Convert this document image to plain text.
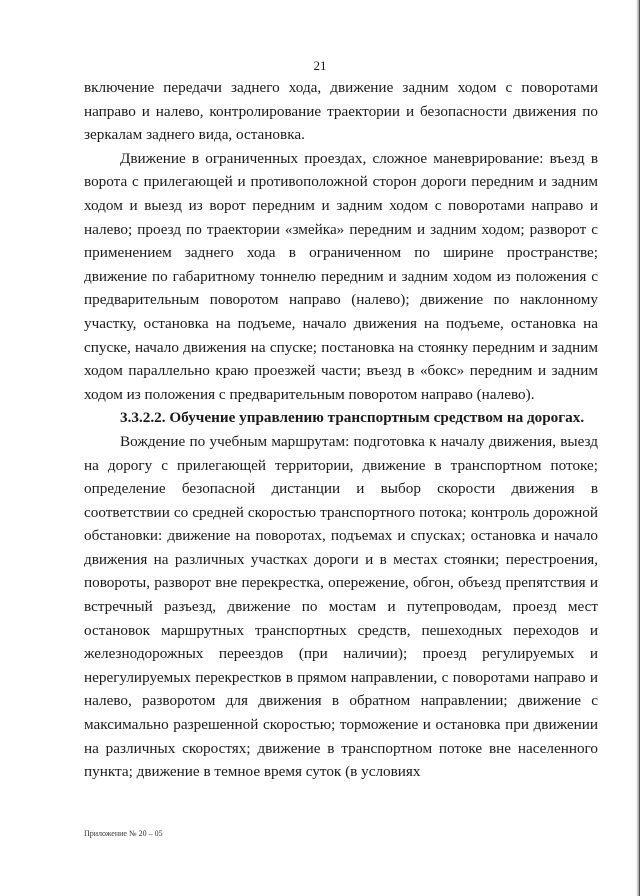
21

включение передачи заднего хода, движение задним ходом с поворотами направо и налево, контролирование траектории и безопасности движения по зеркалам заднего вида, остановка.

Движение в ограниченных проездах, сложное маневрирование: въезд в ворота с прилегающей и противоположной сторон дороги передним и задним ходом и выезд из ворот передним и задним ходом с поворотами направо и налево; проезд по траектории «змейка» передним и задним ходом; разворот с применением заднего хода в ограниченном по ширине пространстве; движение по габаритному тоннелю передним и задним ходом из положения с предварительным поворотом направо (налево); движение по наклонному участку, остановка на подъеме, начало движения на подъеме, остановка на спуске, начало движения на спуске; постановка на стоянку передним и задним ходом параллельно краю проезжей части; въезд в «бокс» передним и задним ходом из положения с предварительным поворотом направо (налево).

3.3.2.2. Обучение управлению транспортным средством на дорогах.

Вождение по учебным маршрутам: подготовка к началу движения, выезд на дорогу с прилегающей территории, движение в транспортном потоке; определение безопасной дистанции и выбор скорости движения в соответствии со средней скоростью транспортного потока; контроль дорожной обстановки: движение на поворотах, подъемах и спусках; остановка и начало движения на различных участках дороги и в местах стоянки; перестроения, повороты, разворот вне перекрестка, опережение, обгон, объезд препятствия и встречный разъезд, движение по мостам и путепроводам, проезд мест остановок маршрутных транспортных средств, пешеходных переходов и железнодорожных переездов (при наличии); проезд регулируемых и нерегулируемых перекрестков в прямом направлении, с поворотами направо и налево, разворотом для движения в обратном направлении; движение с максимально разрешенной скоростью; торможение и остановка при движении на различных скоростях; движение в транспортном потоке вне населенного пункта; движение в темное время суток (в условиях

Приложение № 20 – 05
